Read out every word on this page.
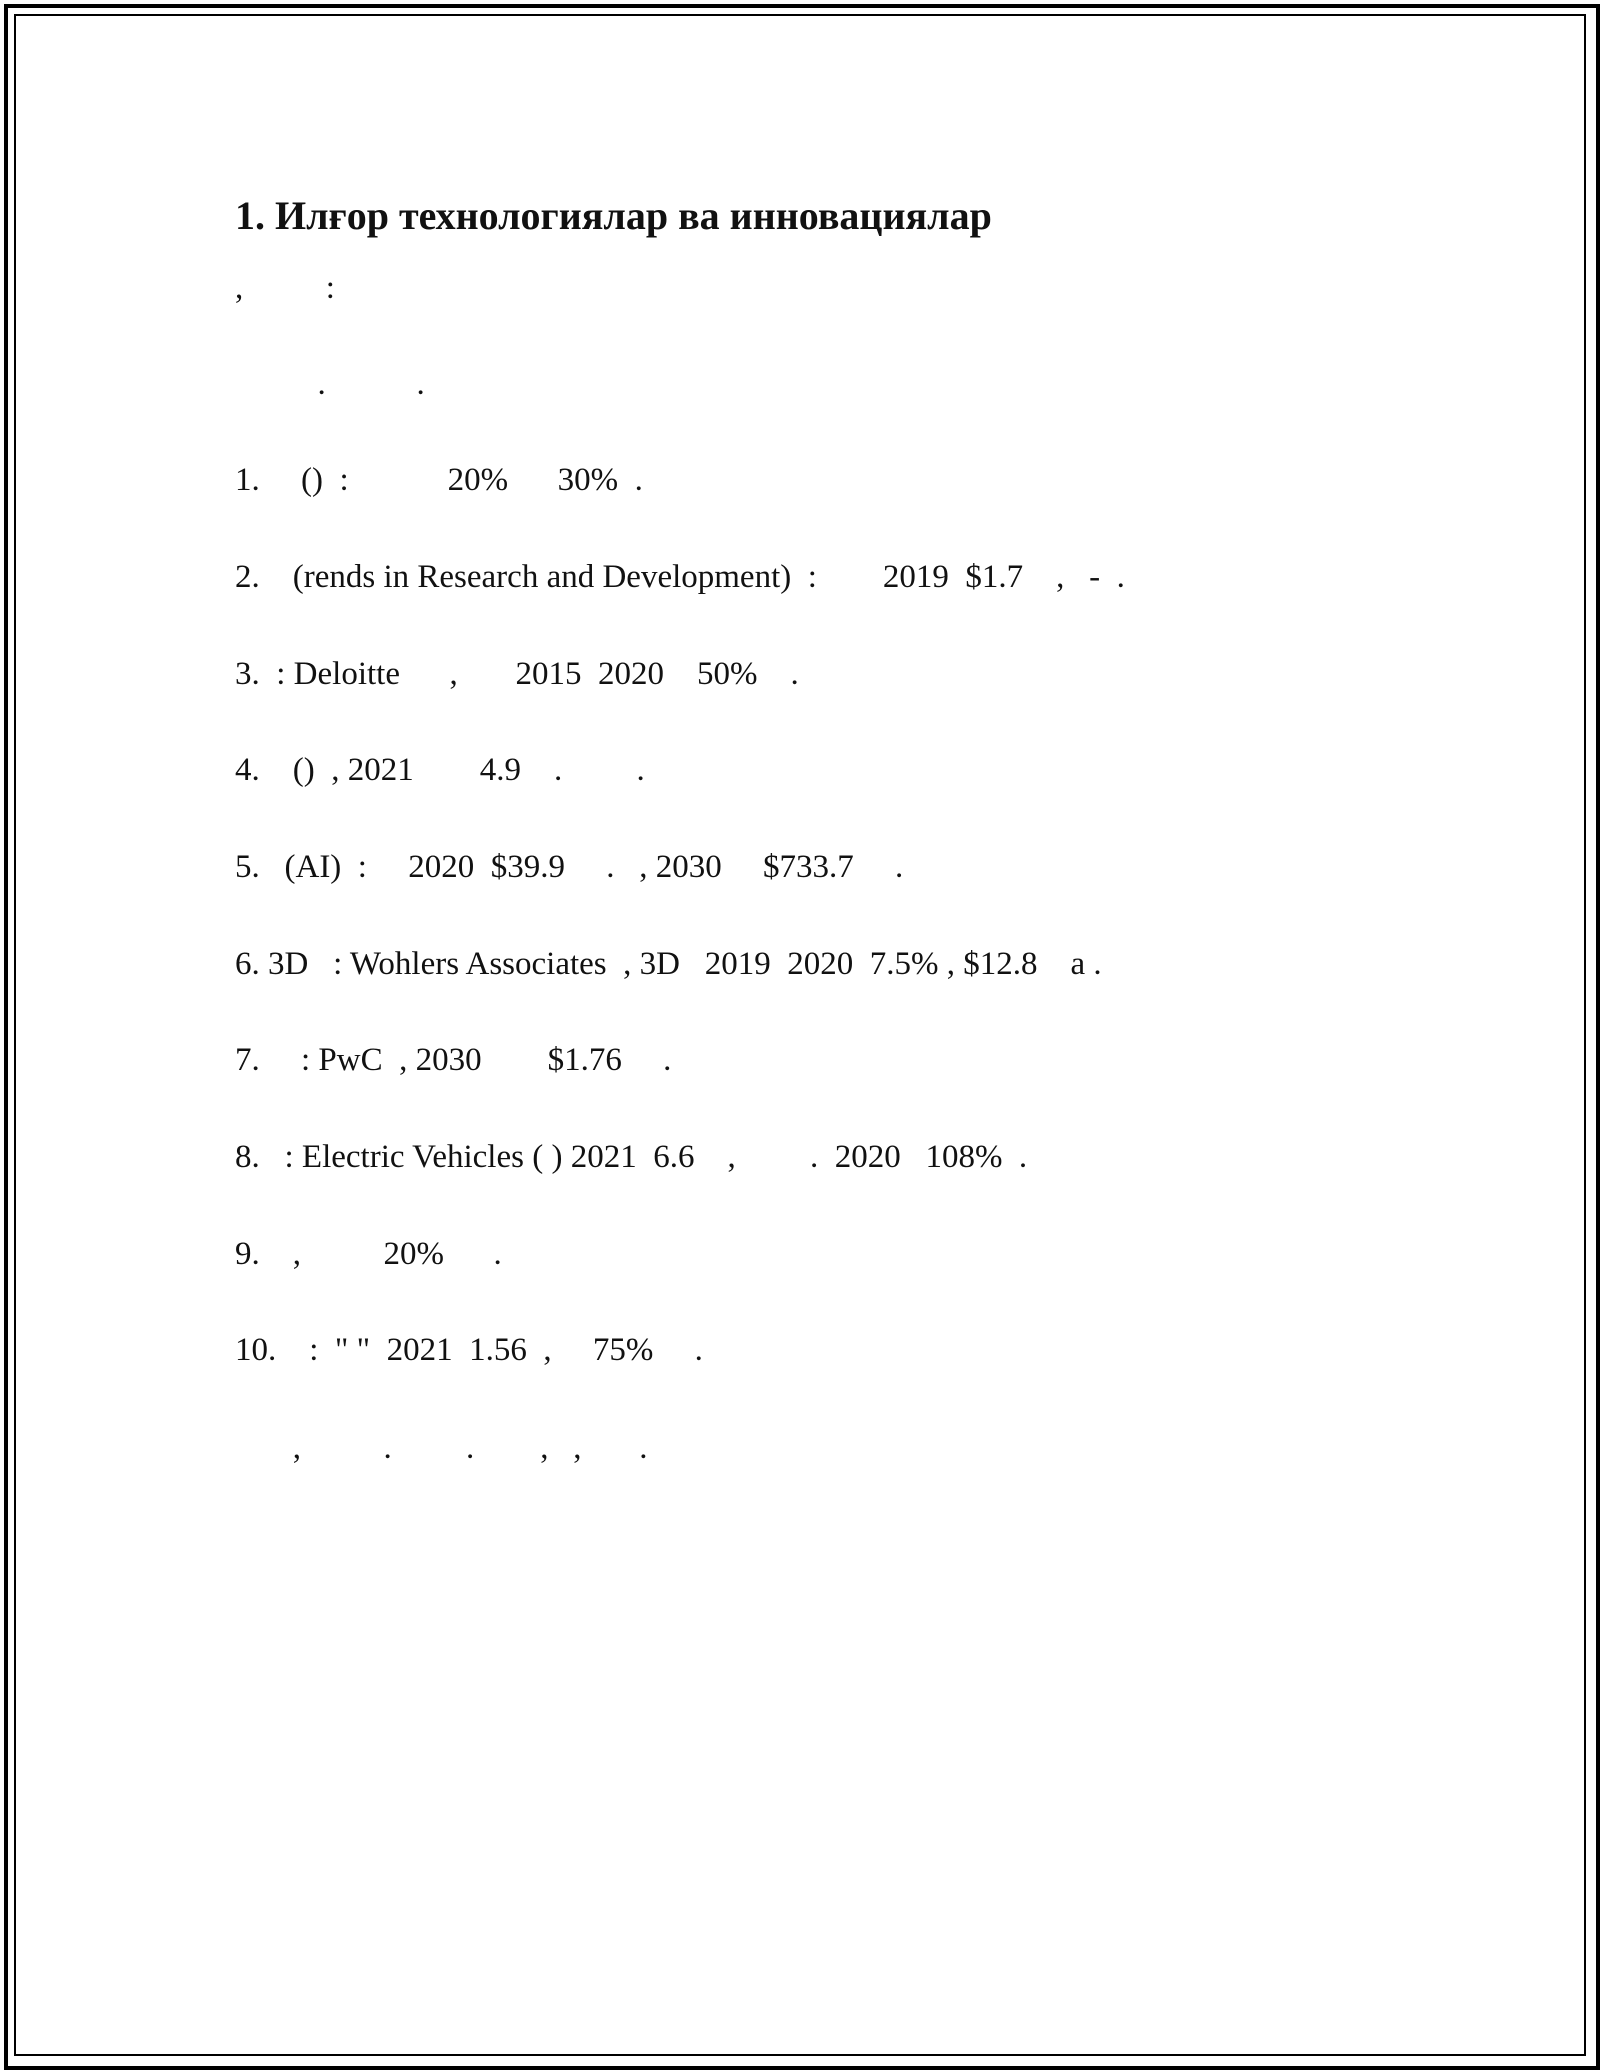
1. Илғор технологиялар ва инновациялар
,          :
.           .
1.     ()  :            20%      30%  .
2.    (rends in Research and Development)  :        2019  $1.7    ,   -  .
3.  : Deloitte      ,       2015  2020    50%    .
4.    ()  , 2021        4.9    .         .
5.   (AI)  :     2020  $39.9     .   , 2030     $733.7     .
6. 3D   : Wohlers Associates  , 3D   2019  2020  7.5% , $12.8    a .
7.     : PwC  , 2030        $1.76     .
8.   : Electric Vehicles ( ) 2021  6.6    ,         .  2020   108%  .
9.    ,          20%      .
10.    :  " "  2021  1.56  ,     75%     .
,          .         .        ,   ,       .
